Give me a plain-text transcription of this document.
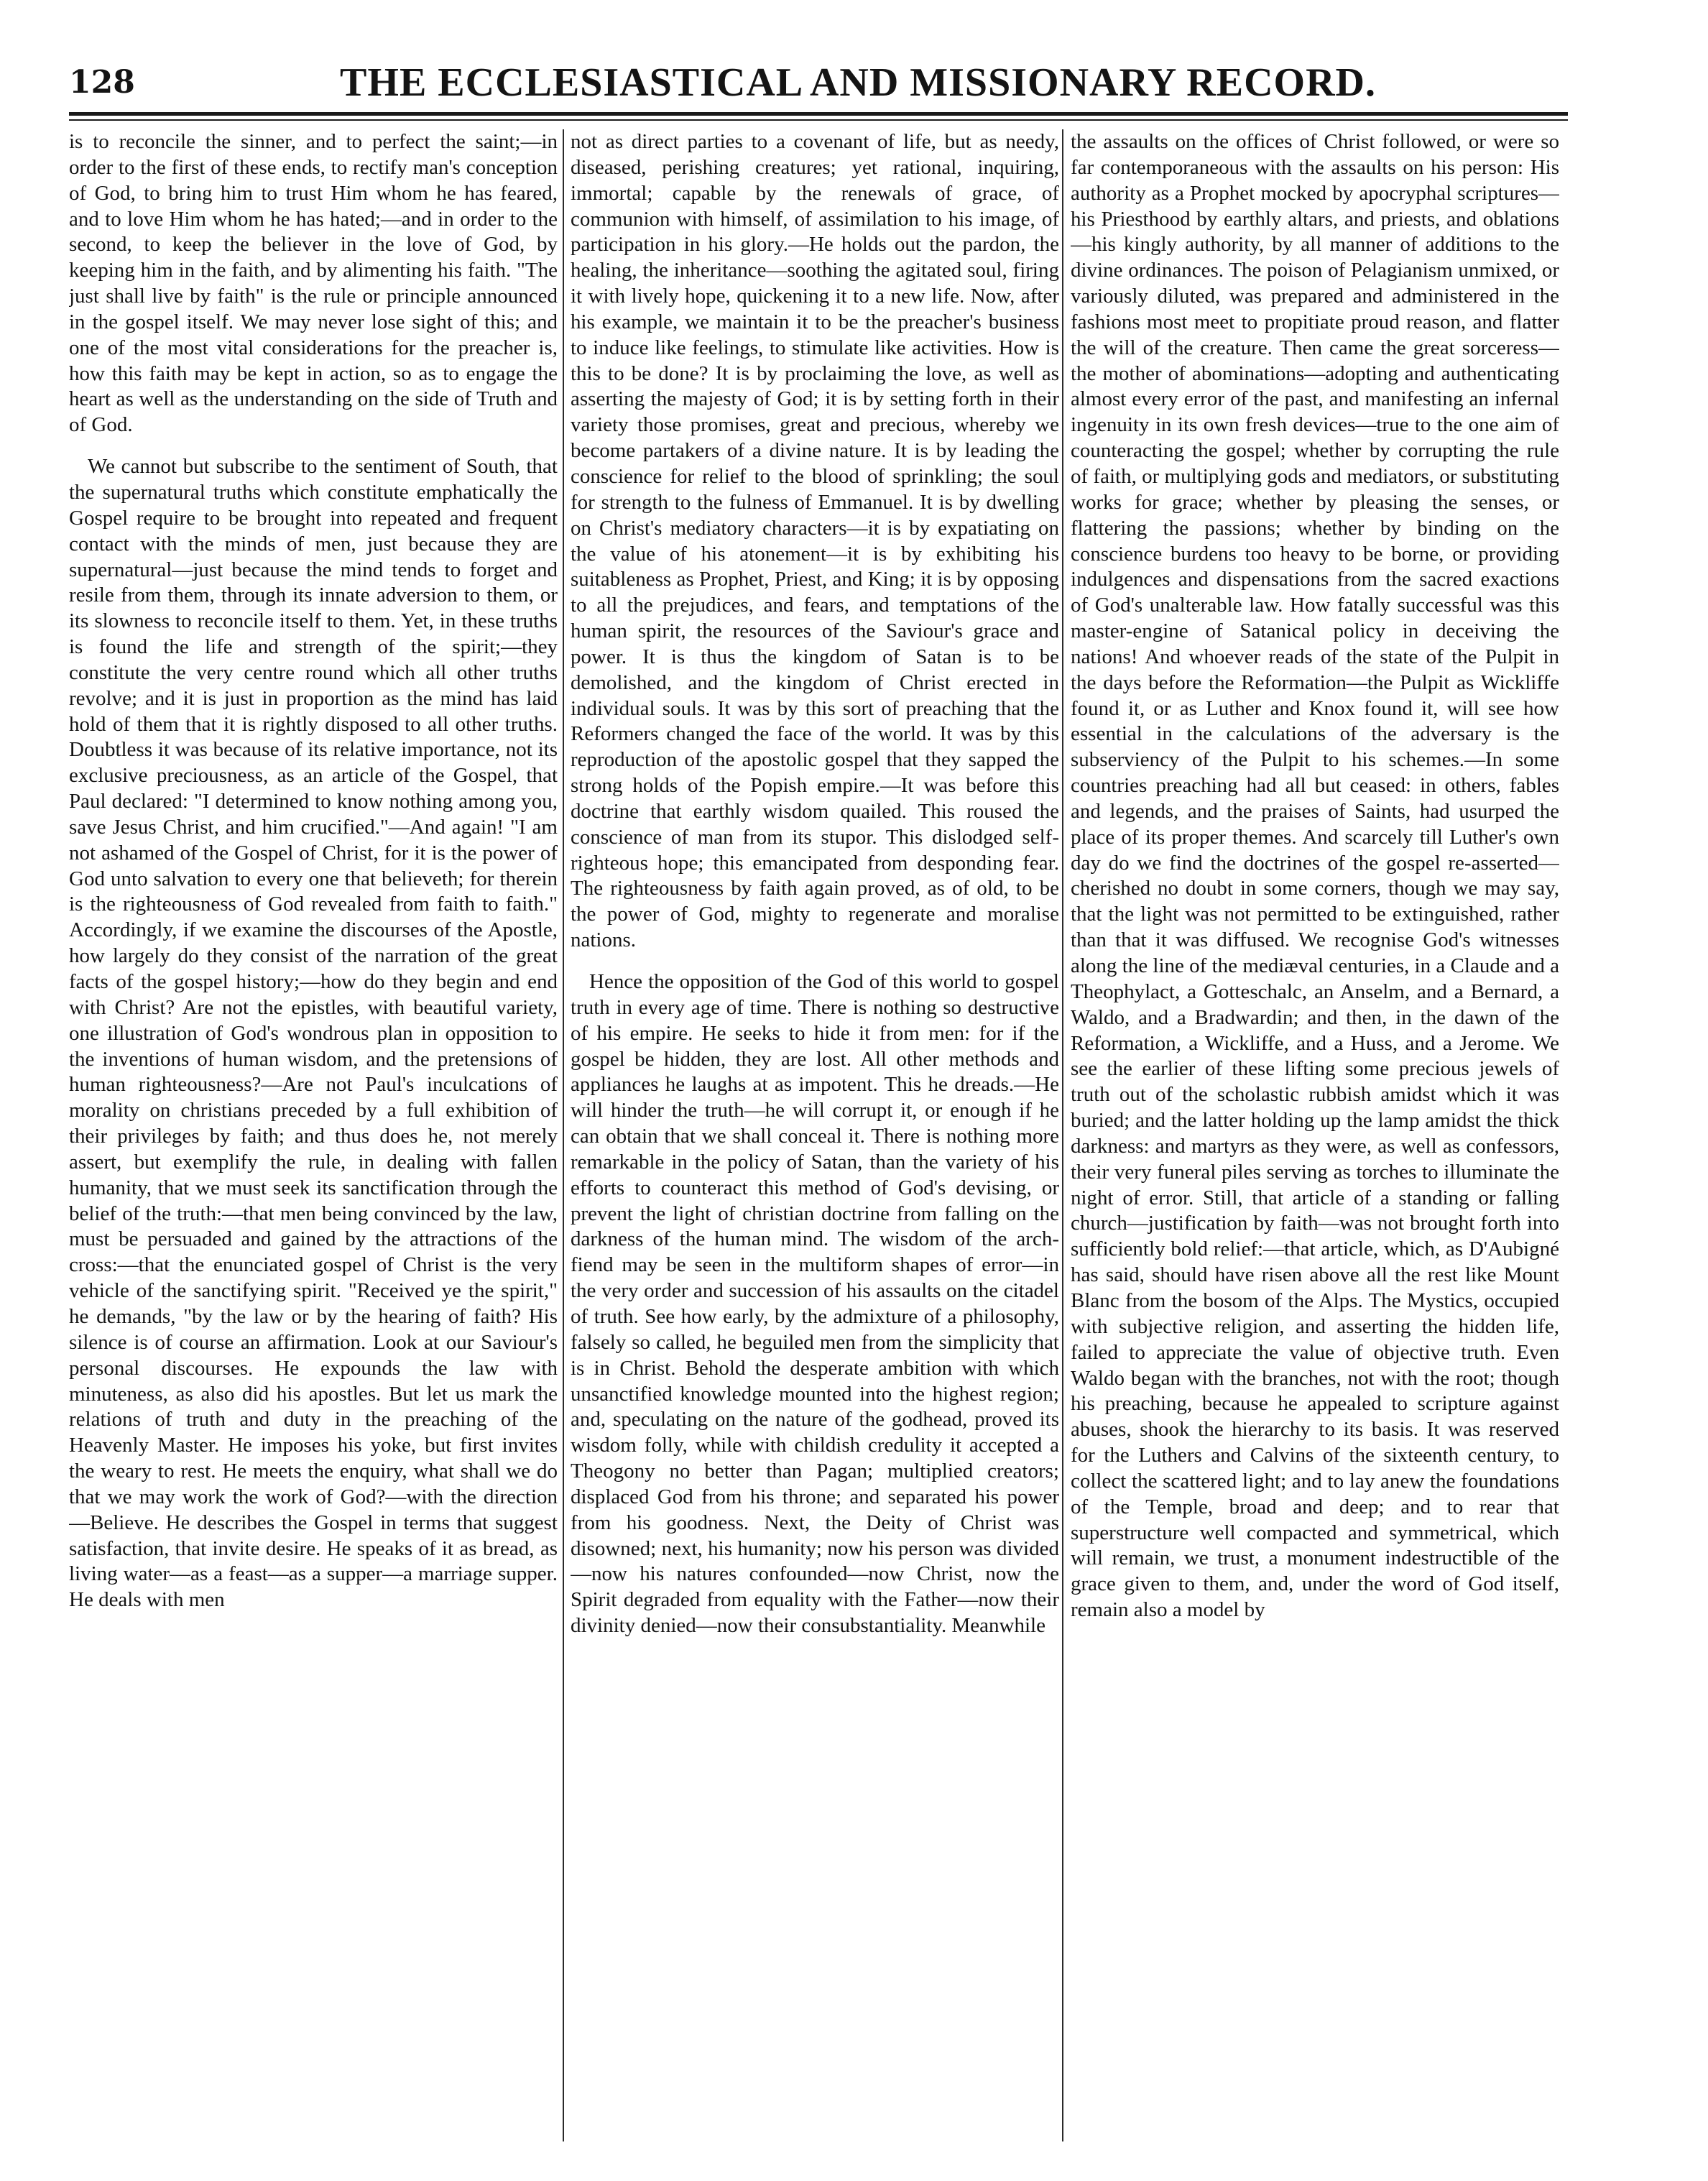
128	THE ECCLESIASTICAL AND MISSIONARY RECORD.

is to reconcile the sinner, and to perfect the saint;—in order to the first of these ends, to rectify man's conception of God, to bring him to trust Him whom he has feared, and to love Him whom he has hated;—and in order to the second, to keep the believer in the love of God, by keeping him in the faith, and by alimenting his faith. "The just shall live by faith" is the rule or principle announced in the gospel itself. We may never lose sight of this; and one of the most vital considerations for the preacher is, how this faith may be kept in action, so as to engage the heart as well as the understanding on the side of Truth and of God.

We cannot but subscribe to the sentiment of South, that the supernatural truths which constitute emphatically the Gospel require to be brought into repeated and frequent contact with the minds of men, just because they are supernatural—just because the mind tends to forget and resile from them, through its innate adversion to them, or its slowness to reconcile itself to them. Yet, in these truths is found the life and strength of the spirit;—they constitute the very centre round which all other truths revolve; and it is just in proportion as the mind has laid hold of them that it is rightly disposed to all other truths. Doubtless it was because of its relative importance, not its exclusive preciousness, as an article of the Gospel, that Paul declared: "I determined to know nothing among you, save Jesus Christ, and him crucified."—And again! "I am not ashamed of the Gospel of Christ, for it is the power of God unto salvation to every one that believeth; for therein is the righteousness of God revealed from faith to faith." Accordingly, if we examine the discourses of the Apostle, how largely do they consist of the narration of the great facts of the gospel history;—how do they begin and end with Christ? Are not the epistles, with beautiful variety, one illustration of God's wondrous plan in opposition to the inventions of human wisdom, and the pretensions of human righteousness?—Are not Paul's inculcations of morality on christians preceded by a full exhibition of their privileges by faith; and thus does he, not merely assert, but exemplify the rule, in dealing with fallen humanity, that we must seek its sanctification through the belief of the truth:—that men being convinced by the law, must be persuaded and gained by the attractions of the cross:—that the enunciated gospel of Christ is the very vehicle of the sanctifying spirit. "Received ye the spirit," he demands, "by the law or by the hearing of faith? His silence is of course an affirmation. Look at our Saviour's personal discourses. He expounds the law with minuteness, as also did his apostles. But let us mark the relations of truth and duty in the preaching of the Heavenly Master. He imposes his yoke, but first invites the weary to rest. He meets the enquiry, what shall we do that we may work the work of God?—with the direction—Believe. He describes the Gospel in terms that suggest satisfaction, that invite desire. He speaks of it as bread, as living water—as a feast—as a supper—a marriage supper. He deals with men

not as direct parties to a covenant of life, but as needy, diseased, perishing creatures; yet rational, inquiring, immortal; capable by the renewals of grace, of communion with himself, of assimilation to his image, of participation in his glory.—He holds out the pardon, the healing, the inheritance—soothing the agitated soul, firing it with lively hope, quickening it to a new life. Now, after his example, we maintain it to be the preacher's business to induce like feelings, to stimulate like activities. How is this to be done? It is by proclaiming the love, as well as asserting the majesty of God; it is by setting forth in their variety those promises, great and precious, whereby we become partakers of a divine nature. It is by leading the conscience for relief to the blood of sprinkling; the soul for strength to the fulness of Emmanuel. It is by dwelling on Christ's mediatory characters—it is by expatiating on the value of his atonement—it is by exhibiting his suitableness as Prophet, Priest, and King; it is by opposing to all the prejudices, and fears, and temptations of the human spirit, the resources of the Saviour's grace and power. It is thus the kingdom of Satan is to be demolished, and the kingdom of Christ erected in individual souls. It was by this sort of preaching that the Reformers changed the face of the world. It was by this reproduction of the apostolic gospel that they sapped the strong holds of the Popish empire.—It was before this doctrine that earthly wisdom quailed. This roused the conscience of man from its stupor. This dislodged self-righteous hope; this emancipated from desponding fear. The righteousness by faith again proved, as of old, to be the power of God, mighty to regenerate and moralise nations.

Hence the opposition of the God of this world to gospel truth in every age of time. There is nothing so destructive of his empire. He seeks to hide it from men: for if the gospel be hidden, they are lost. All other methods and appliances he laughs at as impotent. This he dreads.—He will hinder the truth—he will corrupt it, or enough if he can obtain that we shall conceal it. There is nothing more remarkable in the policy of Satan, than the variety of his efforts to counteract this method of God's devising, or prevent the light of christian doctrine from falling on the darkness of the human mind. The wisdom of the arch-fiend may be seen in the multiform shapes of error—in the very order and succession of his assaults on the citadel of truth. See how early, by the admixture of a philosophy, falsely so called, he beguiled men from the simplicity that is in Christ. Behold the desperate ambition with which unsanctified knowledge mounted into the highest region; and, speculating on the nature of the godhead, proved its wisdom folly, while with childish credulity it accepted a Theogony no better than Pagan; multiplied creators; displaced God from his throne; and separated his power from his goodness. Next, the Deity of Christ was disowned; next, his humanity; now his person was divided—now his natures confounded—now Christ, now the Spirit degraded from equality with the Father—now their divinity denied—now their consubstantiality. Meanwhile

the assaults on the offices of Christ followed, or were so far contemporaneous with the assaults on his person: His authority as a Prophet mocked by apocryphal scriptures—his Priesthood by earthly altars, and priests, and oblations—his kingly authority, by all manner of additions to the divine ordinances. The poison of Pelagianism unmixed, or variously diluted, was prepared and administered in the fashions most meet to propitiate proud reason, and flatter the will of the creature. Then came the great sorceress—the mother of abominations—adopting and authenticating almost every error of the past, and manifesting an infernal ingenuity in its own fresh devices—true to the one aim of counteracting the gospel; whether by corrupting the rule of faith, or multiplying gods and mediators, or substituting works for grace; whether by pleasing the senses, or flattering the passions; whether by binding on the conscience burdens too heavy to be borne, or providing indulgences and dispensations from the sacred exactions of God's unalterable law. How fatally successful was this master-engine of Satanical policy in deceiving the nations! And whoever reads of the state of the Pulpit in the days before the Reformation—the Pulpit as Wickliffe found it, or as Luther and Knox found it, will see how essential in the calculations of the adversary is the subserviency of the Pulpit to his schemes.—In some countries preaching had all but ceased: in others, fables and legends, and the praises of Saints, had usurped the place of its proper themes. And scarcely till Luther's own day do we find the doctrines of the gospel re-asserted—cherished no doubt in some corners, though we may say, that the light was not permitted to be extinguished, rather than that it was diffused. We recognise God's witnesses along the line of the mediæval centuries, in a Claude and a Theophylact, a Gotteschalc, an Anselm, and a Bernard, a Waldo, and a Bradwardin; and then, in the dawn of the Reformation, a Wickliffe, and a Huss, and a Jerome. We see the earlier of these lifting some precious jewels of truth out of the scholastic rubbish amidst which it was buried; and the latter holding up the lamp amidst the thick darkness: and martyrs as they were, as well as confessors, their very funeral piles serving as torches to illuminate the night of error. Still, that article of a standing or falling church—justification by faith—was not brought forth into sufficiently bold relief:—that article, which, as D'Aubigné has said, should have risen above all the rest like Mount Blanc from the bosom of the Alps. The Mystics, occupied with subjective religion, and asserting the hidden life, failed to appreciate the value of objective truth. Even Waldo began with the branches, not with the root; though his preaching, because he appealed to scripture against abuses, shook the hierarchy to its basis. It was reserved for the Luthers and Calvins of the sixteenth century, to collect the scattered light; and to lay anew the foundations of the Temple, broad and deep; and to rear that superstructure well compacted and symmetrical, which will remain, we trust, a monument indestructible of the grace given to them, and, under the word of God itself, remain also a model by
